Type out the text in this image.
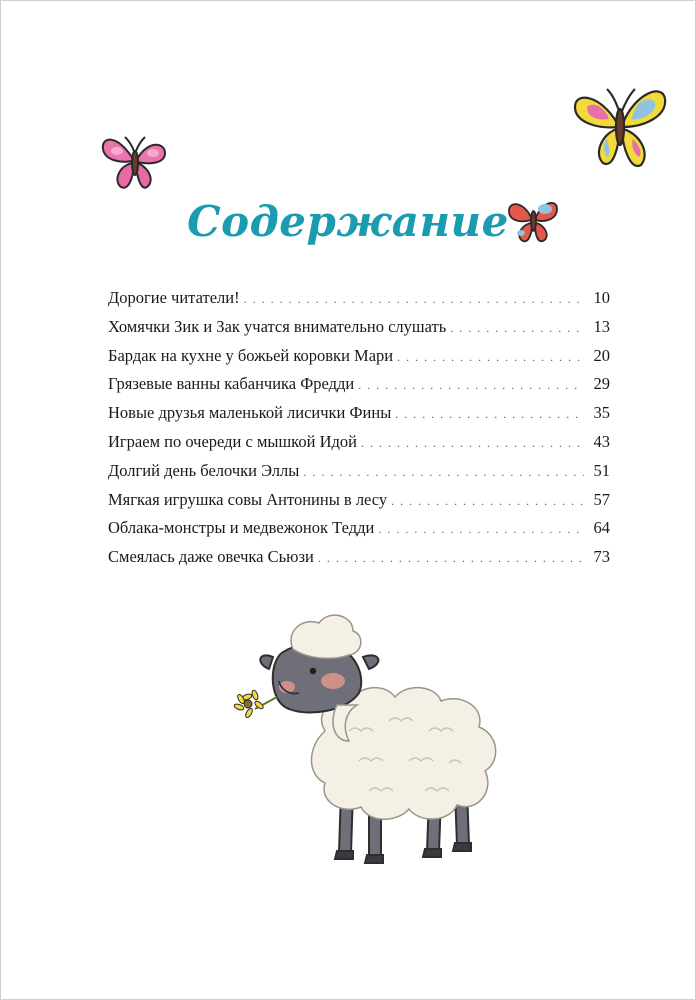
Содержание
Дорогие читатели! . . .	10
Хомячки Зик и Зак учатся внимательно слушать . . .	13
Бардак на кухне у божьей коровки Мари . . .	20
Грязевые ванны кабанчика Фредди . . .	29
Новые друзья маленькой лисички Фины . . .	35
Играем по очереди с мышкой Идой . . .	43
Долгий день белочки Эллы . . .	51
Мягкая игрушка совы Антонины в лесу . . .	57
Облака-монстры и медвежонок Тедди . . .	64
Смеялась даже овечка Сьюзи . . .	73
